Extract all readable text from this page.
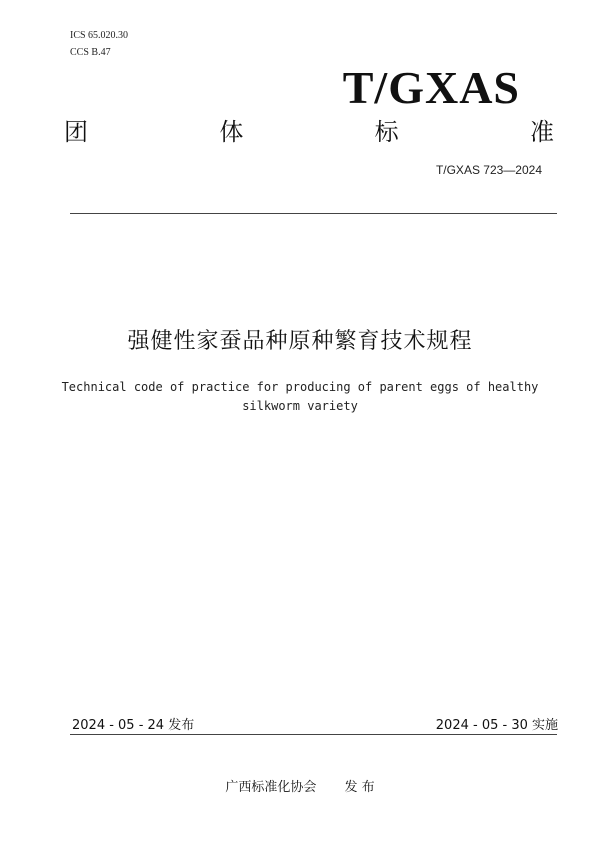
ICS 65.020.30
CCS B.47
T/GXAS
团	体	标	准
T/GXAS 723—2024
强健性家蚕品种原种繁育技术规程
Technical code of practice for producing of parent eggs of healthy
silkworm variety
2024 - 05 - 24 发布	2024 - 05 - 30 实施
广西标准化协会 发 布
